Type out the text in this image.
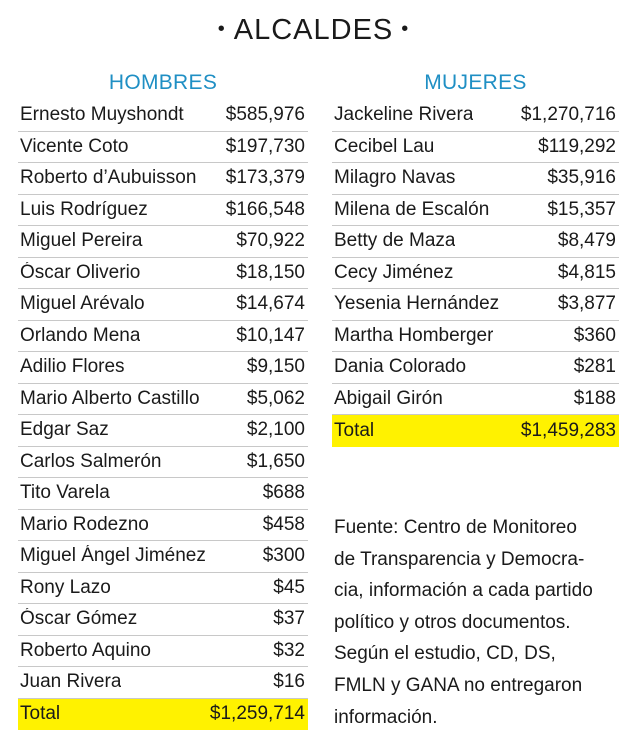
• ALCALDES •
HOMBRES
Ernesto Muyshondt $585,976
Vicente Coto	$197,730
Roberto d’Aubuisson $173,379
Luis Rodríguez	$166,548
Miguel Pereira	$70,922
Óscar Oliverio	$18,150
Miguel Arévalo	$14,674
Orlando Mena	$10,147
Adilio Flores	$9,150
Mario Alberto Castillo $5,062
Edgar Saz	$2,100
Carlos Salmerón	$1,650
Tito Varela	$688
Mario Rodezno	$458
Miguel Ángel Jiménez	$300
Rony Lazo	$45
Óscar Gómez	$37
Roberto Aquino	$32
Juan Rivera	$16
Total	$1,259,714
MUJERES
Jackeline Rivera	$1,270,716
Cecibel Lau	$119,292
Milagro Navas	$35,916
Milena de Escalón	$15,357
Betty de Maza	$8,479
Cecy Jiménez	$4,815
Yesenia Hernández	$3,877
Martha Homberger	$360
Dania Colorado	$281
Abigail Girón	$188
Total	$1,459,283
Fuente: Centro de Monitoreo
de Transparencia y Democra-
cia, información a cada partido
político y otros documentos.
Según el estudio, CD, DS,
FMLN y GANA no entregaron
información.
